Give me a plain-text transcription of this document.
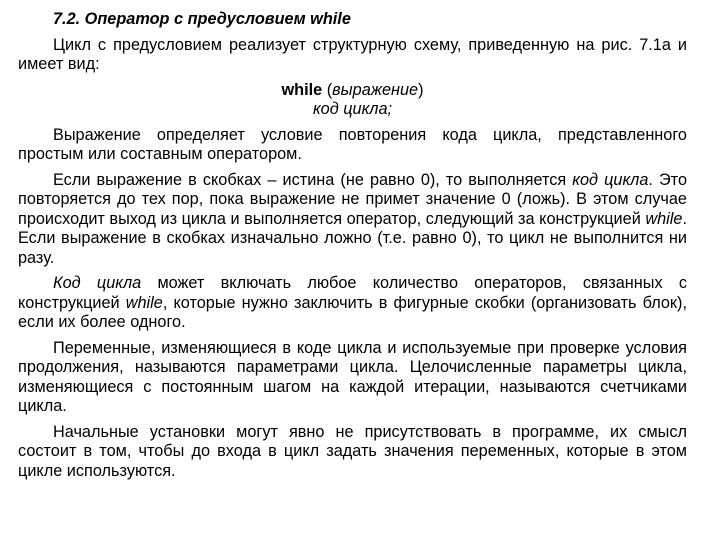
7.2. Оператор с предусловием while
Цикл с предусловием реализует структурную схему, приведенную на рис. 7.1а и имеет вид:
while (выражение)
код цикла;
Выражение определяет условие повторения кода цикла, представленного простым или составным оператором.
Если выражение в скобках – истина (не равно 0), то выполняется код цикла. Это повторяется до тех пор, пока выражение не примет значение 0 (ложь). В этом случае происходит выход из цикла и выполняется оператор, следующий за конструкцией while. Если выражение в скобках изначально ложно (т.е. равно 0), то цикл не выполнится ни разу.
Код цикла может включать любое количество операторов, связанных с конструкцией while, которые нужно заключить в фигурные скобки (организовать блок), если их более одного.
Переменные, изменяющиеся в коде цикла и используемые при проверке условия продолжения, называются параметрами цикла. Целочисленные параметры цикла, изменяющиеся с постоянным шагом на каждой итерации, называются счетчиками цикла.
Начальные установки могут явно не присутствовать в программе, их смысл состоит в том, чтобы до входа в цикл задать значения переменных, которые в этом цикле используются.
